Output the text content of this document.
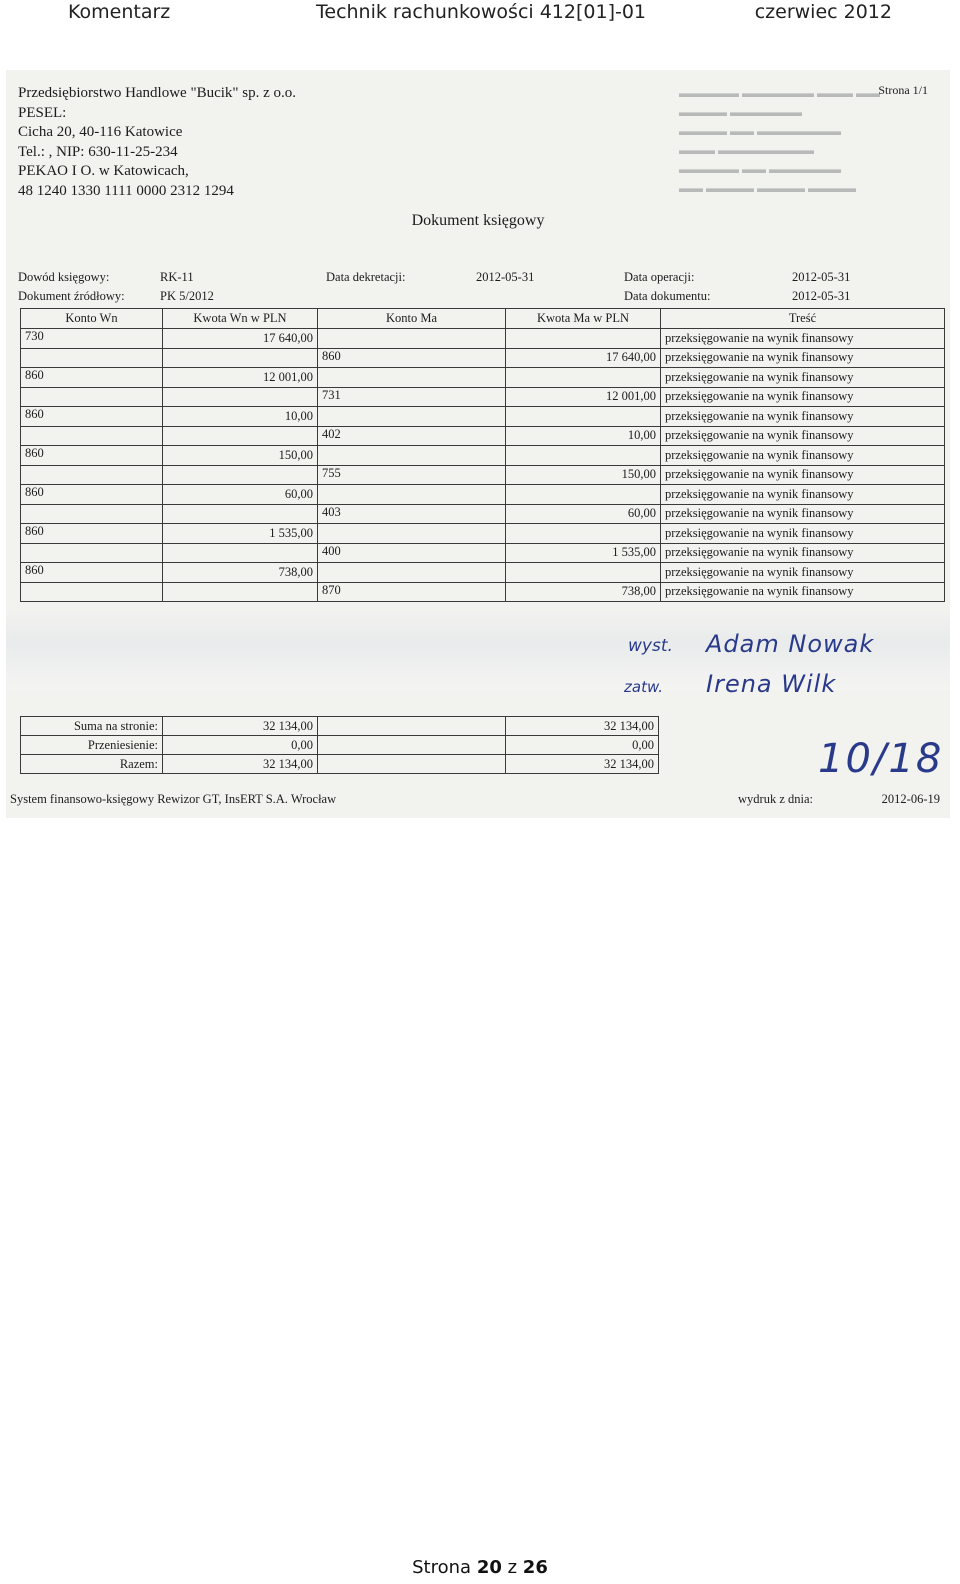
Komentarz	Technik rachunkowości 412[01]-01	czerwiec 2012
▬▬▬▬▬ ▬▬▬▬▬▬ ▬▬▬ ▬▬
▬▬▬▬ ▬▬▬▬▬▬
▬▬▬▬ ▬▬ ▬▬▬▬▬▬▬
▬▬▬ ▬▬▬▬▬▬▬▬
▬▬▬▬▬ ▬▬ ▬▬▬▬▬▬
▬▬ ▬▬▬▬ ▬▬▬▬ ▬▬▬▬
Strona 1/1
Przedsiębiorstwo Handlowe "Bucik" sp. z o.o.
PESEL:
Cicha 20, 40-116 Katowice
Tel.: , NIP: 630-11-25-234
PEKAO I O. w Katowicach,
48 1240 1330 1111 0000 2312 1294
Dokument księgowy
Dowód księgowy:	RK-11	Data dekretacji:	2012-05-31	Data operacji:	2012-05-31
Dokument źródłowy:	PK 5/2012	Data dokumentu:	2012-05-31
Konto Wn	Kwota Wn w PLN	Konto Ma	Kwota Ma w PLN	Treść
730	17 640,00			przeksięgowanie na wynik finansowy
		860	17 640,00	przeksięgowanie na wynik finansowy
860	12 001,00			przeksięgowanie na wynik finansowy
		731	12 001,00	przeksięgowanie na wynik finansowy
860	10,00			przeksięgowanie na wynik finansowy
		402	10,00	przeksięgowanie na wynik finansowy
860	150,00			przeksięgowanie na wynik finansowy
		755	150,00	przeksięgowanie na wynik finansowy
860	60,00			przeksięgowanie na wynik finansowy
		403	60,00	przeksięgowanie na wynik finansowy
860	1 535,00			przeksięgowanie na wynik finansowy
		400	1 535,00	przeksięgowanie na wynik finansowy
860	738,00			przeksięgowanie na wynik finansowy
		870	738,00	przeksięgowanie na wynik finansowy
wyst. Adam Nowak
zatw. Irena Wilk
10/18
Suma na stronie:	32 134,00		32 134,00
Przeniesienie:	0,00		0,00
Razem:	32 134,00		32 134,00
System finansowo-księgowy Rewizor GT, InsERT S.A. Wrocław	wydruk z dnia:	2012-06-19
Strona 20 z 26
